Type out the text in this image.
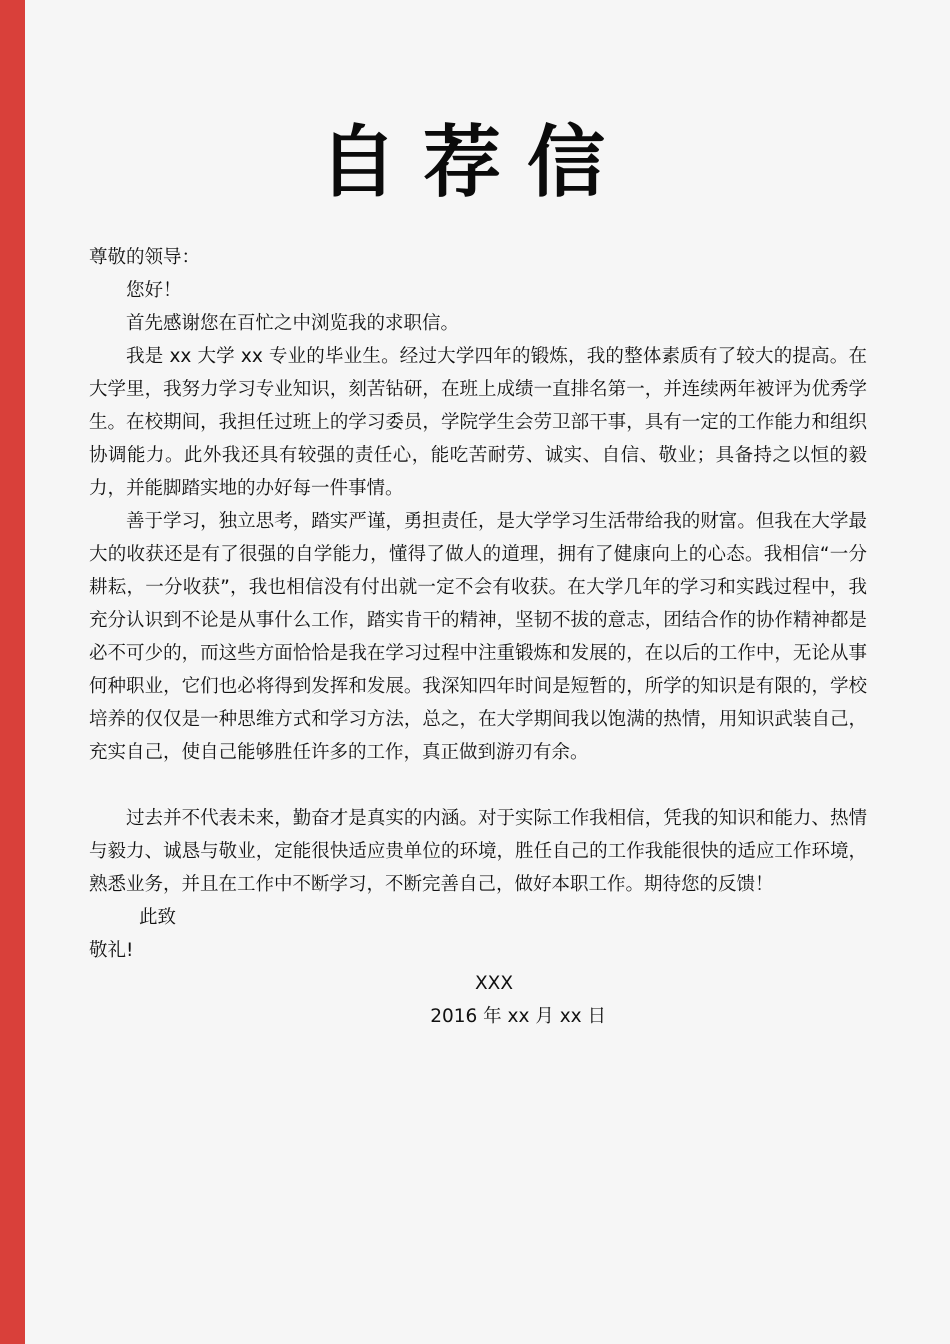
自荐信
尊敬的领导：
您好！

首先感谢您在百忙之中浏览我的求职信。

我是 xx 大学 xx 专业的毕业生。经过大学四年的锻炼，我的整体素质有了较大的提高。在大学里，我努力学习专业知识，刻苦钻研，在班上成绩一直排名第一，并连续两年被评为优秀学生。在校期间，我担任过班上的学习委员，学院学生会劳卫部干事，具有一定的工作能力和组织协调能力。此外我还具有较强的责任心，能吃苦耐劳、诚实、自信、敬业；具备持之以恒的毅力，并能脚踏实地的办好每一件事情。

善于学习，独立思考，踏实严谨，勇担责任，是大学学习生活带给我的财富。但我在大学最大的收获还是有了很强的自学能力，懂得了做人的道理，拥有了健康向上的心态。我相信“一分耕耘，一分收获”，我也相信没有付出就一定不会有收获。在大学几年的学习和实践过程中，我充分认识到不论是从事什么工作，踏实肯干的精神，坚韧不拔的意志，团结合作的协作精神都是必不可少的，而这些方面恰恰是我在学习过程中注重锻炼和发展的，在以后的工作中，无论从事何种职业，它们也必将得到发挥和发展。我深知四年时间是短暂的，所学的知识是有限的，学校培养的仅仅是一种思维方式和学习方法，总之，在大学期间我以饱满的热情，用知识武装自己，充实自己，使自己能够胜任许多的工作，真正做到游刃有余。

过去并不代表未来，勤奋才是真实的内涵。对于实际工作我相信，凭我的知识和能力、热情与毅力、诚恳与敬业，定能很快适应贵单位的环境，胜任自己的工作我能很快的适应工作环境，熟悉业务，并且在工作中不断学习，不断完善自己，做好本职工作。期待您的反馈！

此致
敬礼!
XXX
2016 年 xx 月 xx 日
